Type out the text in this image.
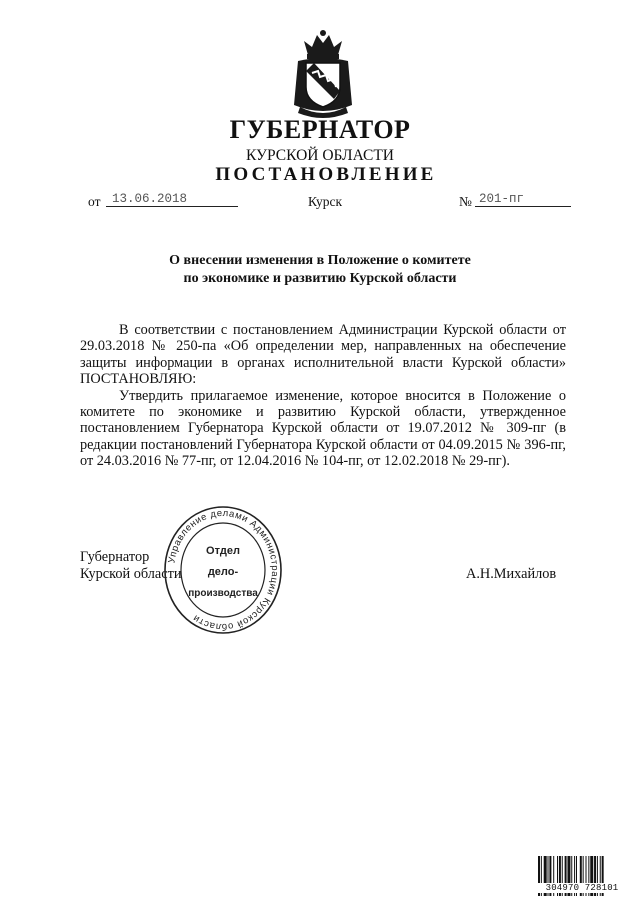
ГУБЕРНАТОР
КУРСКОЙ ОБЛАСТИ
ПОСТАНОВЛЕНИЕ
от 13.06.2018	Курск	№ 201-пг
О внесении изменения в Положение о комитете
по экономике и развитию Курской области

В соответствии с постановлением Администрации Курской области от 29.03.2018 № 250-па «Об определении мер, направленных на обеспечение защиты информации в органах исполнительной власти Курской области» ПОСТАНОВЛЯЮ:

Утвердить прилагаемое изменение, которое вносится в Положение о комитете по экономике и развитию Курской области, утвержденное постановлением Губернатора Курской области от 19.07.2012 № 309-пг (в редакции постановлений Губернатора Курской области от 04.09.2015 № 396-пг, от 24.03.2016 № 77-пг, от 12.04.2016 № 104-пг, от 12.02.2018 № 29-пг).

Губернатор
Курской области	А.Н.Михайлов
Управление делами Администрации Курской области
Отдел
дело-
производства
304970 728101
